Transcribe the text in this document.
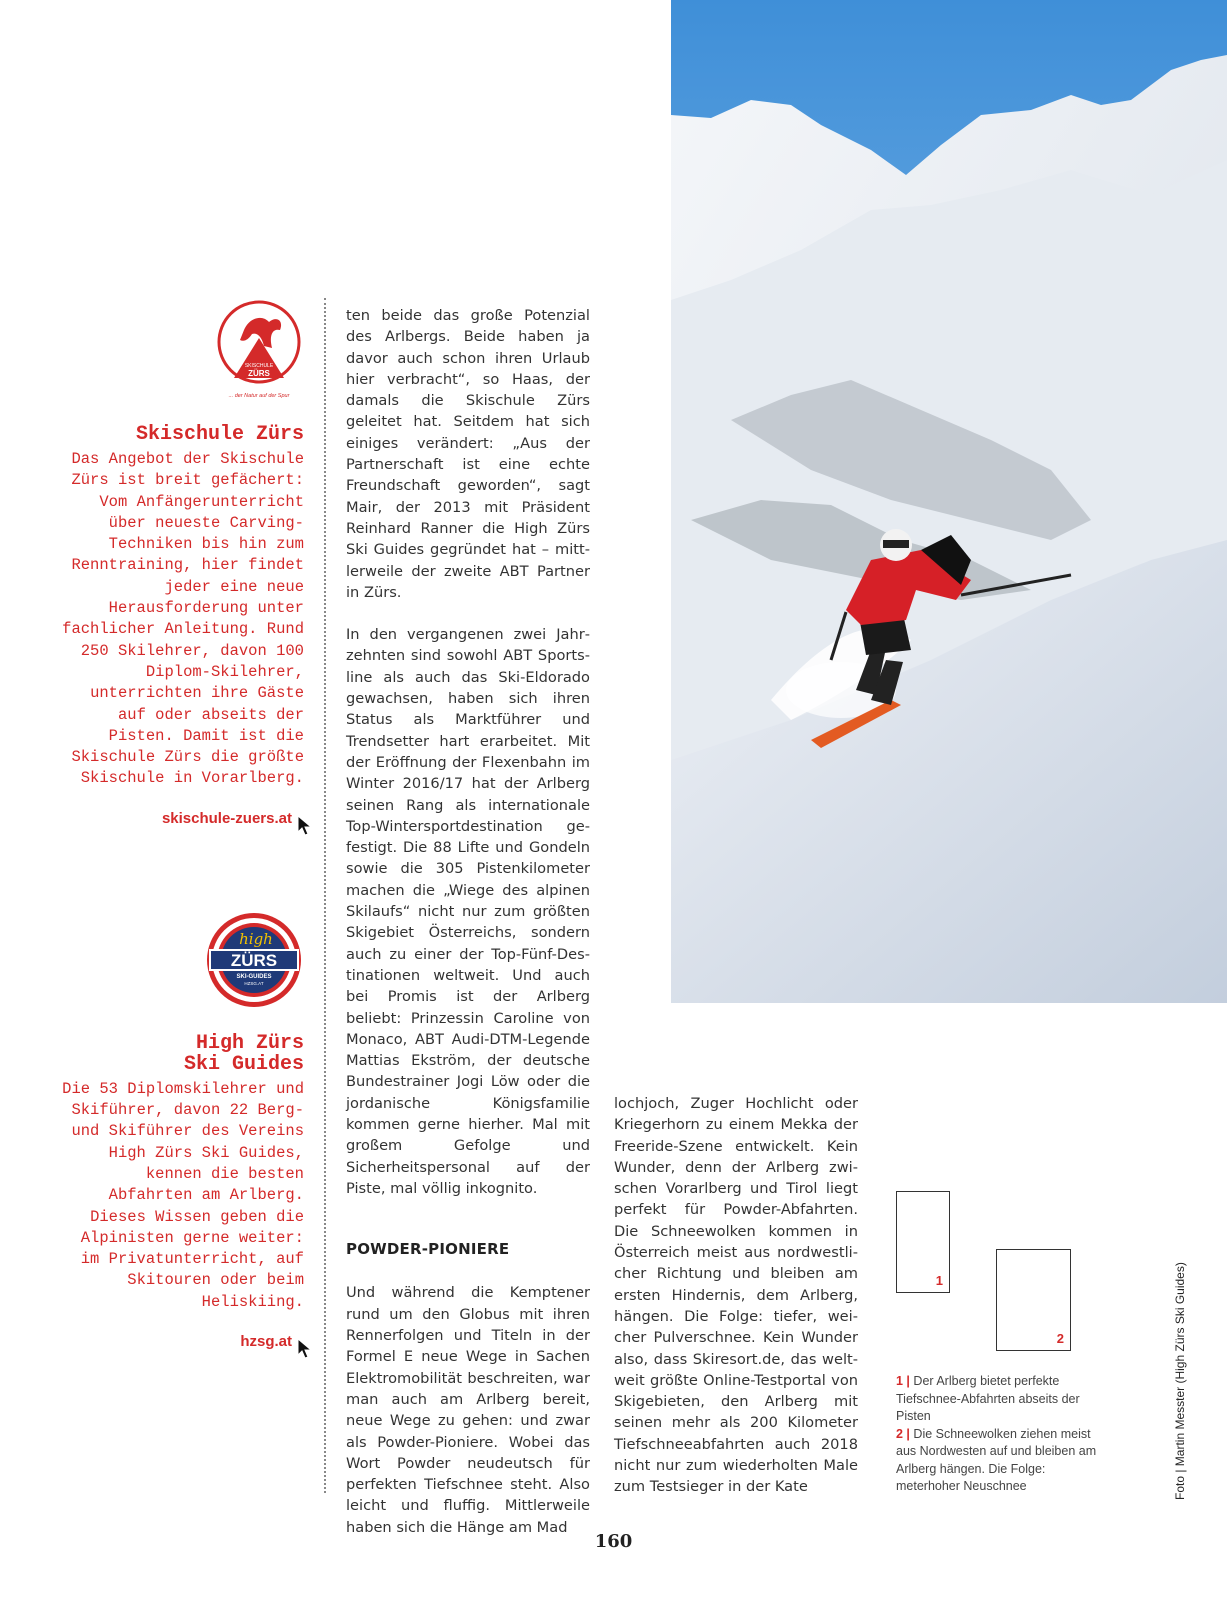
SKISCHULE
ZÜRS
... der Natur auf der Spur
Skischule Zürs

Das Angebot der Skischule Zürs ist breit gefächert: Vom Anfängerunterricht über neueste Carving-Techniken bis hin zum Renntraining, hier findet jeder eine neue Herausforderung unter fachlicher Anleitung. Rund 250 Skilehrer, davon 100 Diplom-Skilehrer, unterrichten ihre Gäste auf oder abseits der Pisten. Damit ist die Skischule Zürs die größte Skischule in Vorarlberg.

skischule-zuers.at
high
ZÜRS
SKI-GUIDES
HZSG.AT
High Zürs
Ski Guides

Die 53 Diplomskilehrer und Skiführer, davon 22 Berg- und Skiführer des Vereins High Zürs Ski Guides, kennen die besten Abfahrten am Arlberg. Dieses Wissen geben die Alpinisten gerne weiter: im Privatunterricht, auf Skitouren oder beim Heliskiing.

hzsg.at

ten beide das große Potenzial des Arlbergs. Beide haben ja davor auch schon ihren Urlaub hier verbracht“, so Haas, der damals die Skischule Zürs geleitet hat. Seitdem hat sich einiges verändert: „Aus der Partnerschaft ist eine echte Freundschaft geworden“, sagt Mair, der 2013 mit Präsident Reinhard Ranner die High Zürs Ski Guides gegründet hat – mittlerweile der zweite ABT Partner in Zürs.

In den vergangenen zwei Jahrzehnten sind sowohl ABT Sportsline als auch das Ski-Eldorado gewachsen, haben sich ihren Status als Marktführer und Trendsetter hart erarbeitet. Mit der Eröffnung der Flexenbahn im Winter 2016/17 hat der Arlberg seinen Rang als internationale Top-Wintersportdestination gefestigt. Die 88 Lifte und Gondeln sowie die 305 Pistenkilometer machen die „Wiege des alpinen Skilaufs“ nicht nur zum größten Skigebiet Österreichs, sondern auch zu einer der Top-Fünf-Destinationen weltweit. Und auch bei Promis ist der Arlberg beliebt: Prinzessin Caroline von Monaco, ABT Audi-DTM-Legende Mattias Ekström, der deutsche Bundestrainer Jogi Löw oder die jordanische Königsfamilie kommen gerne hierher. Mal mit großem Gefolge und Sicherheitspersonal auf der Piste, mal völlig inkognito.

POWDER-PIONIERE

Und während die Kemptener rund um den Globus mit ihren Rennerfolgen und Titeln in der Formel E neue Wege in Sachen Elektromobilität beschreiten, war man auch am Arlberg bereit, neue Wege zu gehen: und zwar als Powder-Pioniere. Wobei das Wort Powder neudeutsch für perfekten Tiefschnee steht. Also leicht und fluffig. Mittlerweile haben sich die Hänge am Mad

lochjoch, Zuger Hochlicht oder Kriegerhorn zu einem Mekka der Freeride-Szene entwickelt. Kein Wunder, denn der Arlberg zwischen Vorarlberg und Tirol liegt perfekt für Powder-Abfahrten. Die Schneewolken kommen in Österreich meist aus nordwestlicher Richtung und bleiben am ersten Hindernis, dem Arlberg, hängen. Die Folge: tiefer, weicher Pulverschnee. Kein Wunder also, dass Skiresort.de, das weltweit größte Online-Testportal von Skigebieten, den Arlberg mit seinen mehr als 200 Kilometer Tiefschneeabfahrten auch 2018 nicht nur zum wiederholten Male zum Testsieger in der Kate

1
2

1 | Der Arlberg bietet perfekte Tiefschnee-Abfahrten abseits der Pisten

2 | Die Schneewolken ziehen meist aus Nordwesten auf und bleiben am Arlberg hängen. Die Folge: meterhoher Neuschnee	Foto | Martin Messter (High Zürs Ski Guides)
160
